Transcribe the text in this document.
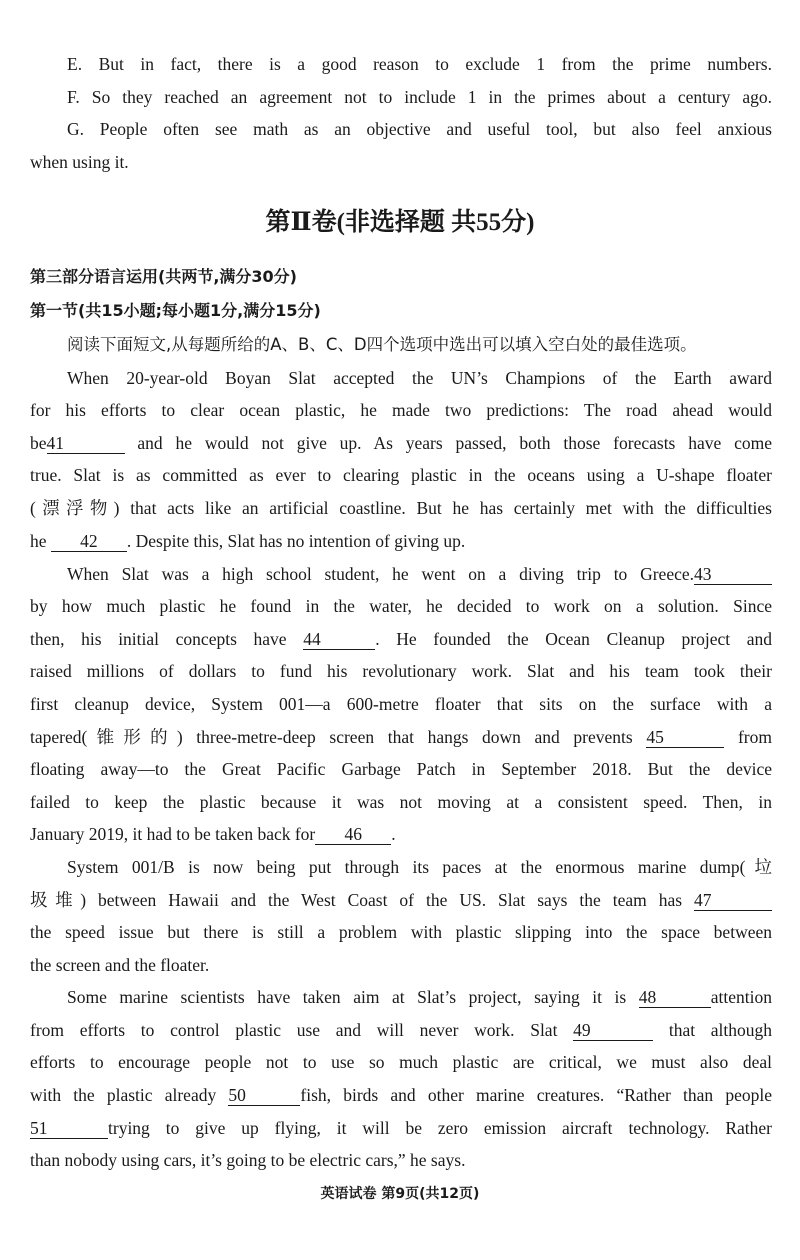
E. But in fact, there is a good reason to exclude 1 from the prime numbers.
F. So they reached an agreement not to include 1 in the primes about a century ago.
G. People often see math as an objective and useful tool, but also feel anxious
when using it.
第Ⅱ卷(非选择题 共55分)
第三部分语言运用(共两节,满分30分)
第一节(共15小题;每小题1分,满分15分)
阅读下面短文,从每题所给的A、B、C、D四个选项中选出可以填入空白处的最佳选项。
When 20-year-old Boyan Slat accepted the UN’s Champions of the Earth award
for his efforts to clear ocean plastic, he made two predictions: The road ahead would
be41	and he would not give up. As years passed, both those forecasts have come
true. Slat is as committed as ever to clearing plastic in the oceans using a U-shape floater
(漂浮物) that acts like an artificial coastline. But he has certainly met with the difficulties
he 42 . Despite this, Slat has no intention of giving up.
When Slat was a high school student, he went on a diving trip to Greece.43
by how much plastic he found in the water, he decided to work on a solution. Since
then, his initial concepts have 44	. He founded the Ocean Cleanup project and
raised millions of dollars to fund his revolutionary work. Slat and his team took their
first cleanup device, System 001—a 600-metre floater that sits on the surface with a
tapered(锥形的) three-metre-deep screen that hangs down and prevents 45	from
floating away—to the Great Pacific Garbage Patch in September 2018. But the device
failed to keep the plastic because it was not moving at a consistent speed. Then, in
January 2019, it had to be taken back for 46 .
System 001/B is now being put through its paces at the enormous marine dump(垃
圾堆) between Hawaii and the West Coast of the US. Slat says the team has 47
the speed issue but there is still a problem with plastic slipping into the space between
the screen and the floater.
Some marine scientists have taken aim at Slat’s project, saying it is 48	attention
from efforts to control plastic use and will never work. Slat 49	that although
efforts to encourage people not to use so much plastic are critical, we must also deal
with the plastic already 50	fish, birds and other marine creatures. “Rather than people
51	trying to give up flying, it will be zero emission aircraft technology. Rather
than nobody using cars, it’s going to be electric cars,” he says.
英语试卷 第9页(共12页)
